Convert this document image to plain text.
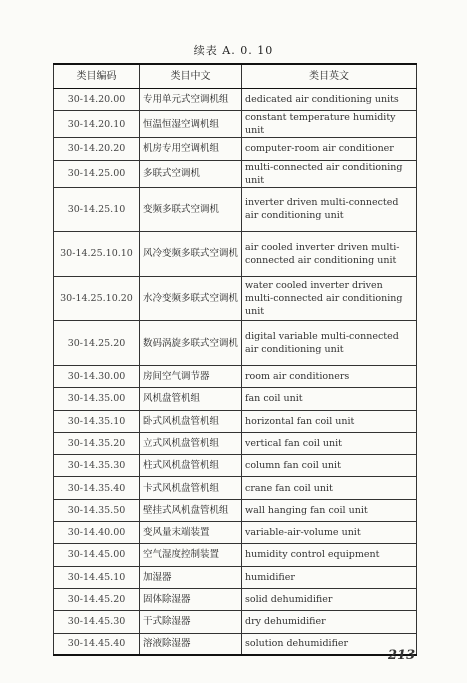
续表 A. 0. 10
类目编码	类目中文	类目英文
30-14.20.00	专用单元式空调机组	dedicated air conditioning units
30-14.20.10	恒温恒湿空调机组	constant temperature humidity unit
30-14.20.20	机房专用空调机组	computer-room air conditioner
30-14.25.00	多联式空调机	multi-connected air conditioning unit
30-14.25.10	变频多联式空调机	inverter driven multi-connected air conditioning unit
30-14.25.10.10	风冷变频多联式空调机	air cooled inverter driven multi-connected air conditioning unit
30-14.25.10.20	水冷变频多联式空调机	water cooled inverter driven multi-connected air conditioning unit
30-14.25.20	数码涡旋多联式空调机	digital variable multi-connected air conditioning unit
30-14.30.00	房间空气调节器	room air conditioners
30-14.35.00	风机盘管机组	fan coil unit
30-14.35.10	卧式风机盘管机组	horizontal fan coil unit
30-14.35.20	立式风机盘管机组	vertical fan coil unit
30-14.35.30	柱式风机盘管机组	column fan coil unit
30-14.35.40	卡式风机盘管机组	crane fan coil unit
30-14.35.50	壁挂式风机盘管机组	wall hanging fan coil unit
30-14.40.00	变风量末端装置	variable-air-volume unit
30-14.45.00	空气湿度控制装置	humidity control equipment
30-14.45.10	加湿器	humidifier
30-14.45.20	固体除湿器	solid dehumidifier
30-14.45.30	干式除湿器	dry dehumidifier
30-14.45.40	溶液除湿器	solution dehumidifier
213
